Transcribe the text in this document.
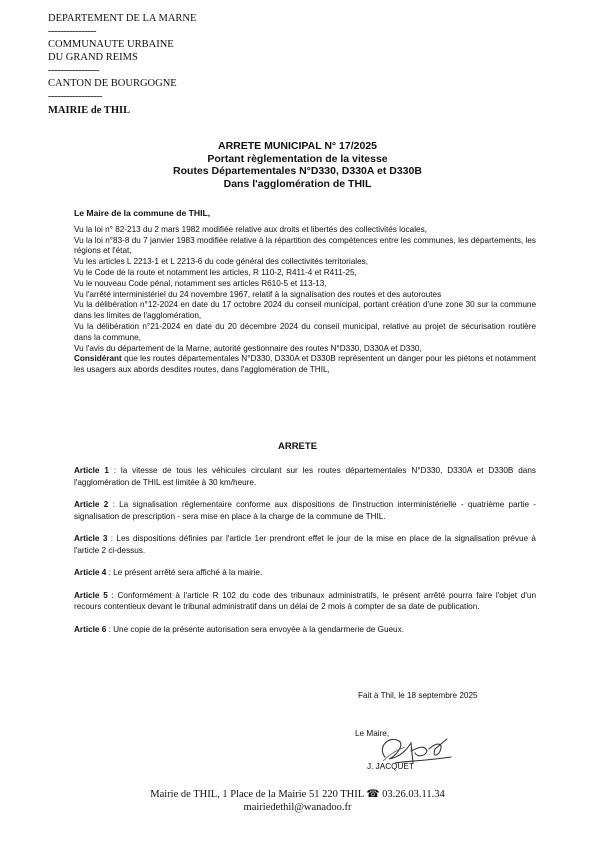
DEPARTEMENT DE LA MARNE
----------------
COMMUNAUTE URBAINE
DU GRAND REIMS
-----------------
CANTON DE BOURGOGNE
------------------
MAIRIE de THIL
ARRETE MUNICIPAL N° 17/2025
Portant règlementation de la vitesse
Routes Départementales N°D330, D330A et D330B
Dans l'agglomération de THIL

Le Maire de la commune de THIL,

Vu la loi n° 82-213 du 2 mars 1982 modifiée relative aux droits et libertés des collectivités locales,

Vu la loi n°83-8 du 7 janvier 1983 modifiée relative à la répartition des compétences entre les communes, les départements, les régions et l'état,

Vu les articles L 2213-1 et L 2213-6 du code général des collectivités territoriales,

Vu le Code de la route et notamment les articles, R 110-2, R411-4 et R411-25,

Vu le nouveau Code pénal, notamment ses articles R610-5 et 113-13,

Vu l'arrêté interministériel du 24 novembre 1967, relatif à la signalisation des routes et des autoroutes

Vu la délibération n°12-2024 en date du 17 octobre 2024 du conseil municipal, portant création d'une zone 30 sur la commune dans les limites de l'agglomération,

Vu la délibération n°21-2024 en date du 20 décembre 2024 du conseil municipal, relative au projet de sécurisation routière dans la commune,

Vu l'avis du département de la Marne, autorité gestionnaire des routes N°D330, D330A et D330,

Considérant que les routes départementales N°D330, D330A et D330B représentent un danger pour les piétons et notamment les usagers aux abords desdites routes, dans l'agglomération de THIL,

ARRETE

Article 1 : la vitesse de tous les véhicules circulant sur les routes départementales N°D330, D330A et D330B dans l'agglomération de THIL est limitée à 30 km/heure.

Article 2 : La signalisation réglementaire conforme aux dispositions de l'instruction interministérielle - quatrième partie - signalisation de prescription - sera mise en place à la charge de la commune de THIL.

Article 3 : Les dispositions définies par l'article 1er prendront effet le jour de la mise en place de la signalisation prévue à l'article 2 ci-dessus.

Article 4 : Le présent arrêté sera affiché à la mairie.

Article 5 : Conformément à l'article R 102 du code des tribunaux administratifs, le présent arrêté pourra faire l'objet d'un recours contentieux devant le tribunal administratif dans un délai de 2 mois à compter de sa date de publication.

Article 6 : Une copie de la présente autorisation sera envoyée à la gendarmerie de Gueux.

Fait à Thil, le 18 septembre 2025
Le Maire,
J. JACQUET
Mairie de THIL, 1 Place de la Mairie 51 220 THIL ☎ 03.26.03.11.34
mairiedethil@wanadoo.fr
